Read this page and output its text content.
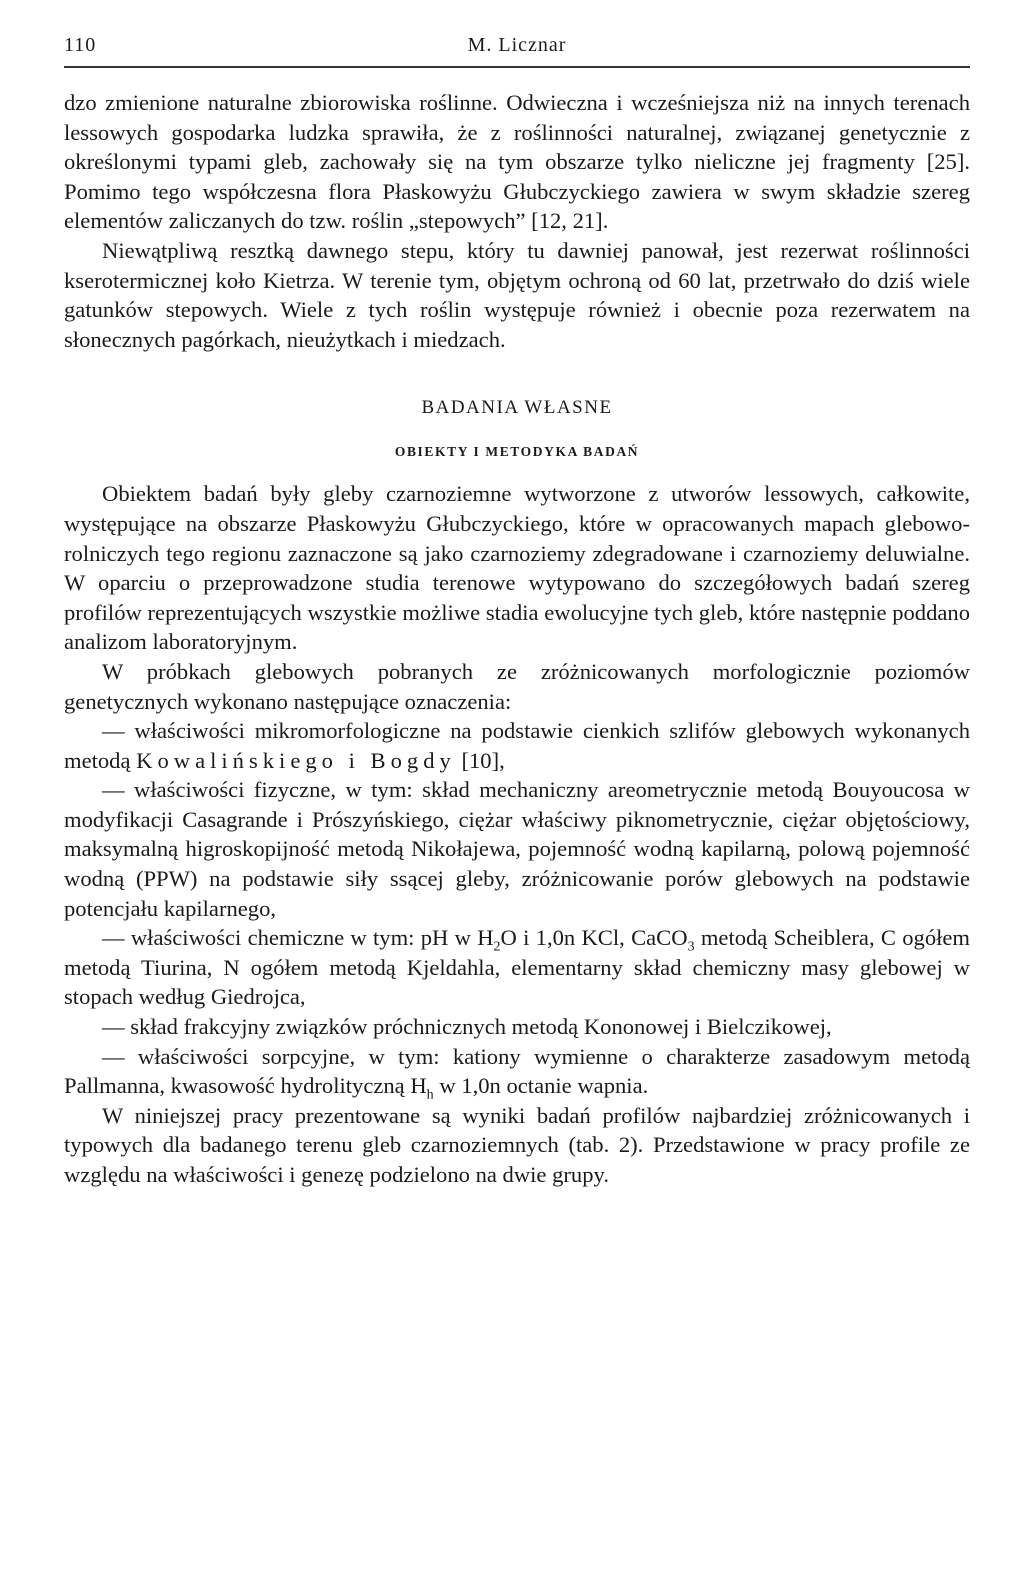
110	M. Licznar

dzo zmienione naturalne zbiorowiska roślinne. Odwieczna i wcześniejsza niż na innych terenach lessowych gospodarka ludzka sprawiła, że z roślinności naturalnej, związanej genetycznie z określonymi typami gleb, zachowały się na tym obszarze tylko nieliczne jej fragmenty [25]. Pomimo tego współczesna flora Płaskowyżu Głubczyckiego zawiera w swym składzie szereg elementów zaliczanych do tzw. roślin „stepowych” [12, 21].

Niewątpliwą resztką dawnego stepu, który tu dawniej panował, jest rezerwat roślinności kserotermicznej koło Kietrza. W terenie tym, objętym ochroną od 60 lat, przetrwało do dziś wiele gatunków stepowych. Wiele z tych roślin występuje również i obecnie poza rezerwatem na słonecznych pagórkach, nieużytkach i miedzach.

BADANIA WŁASNE
OBIEKTY I METODYKA BADAŃ

Obiektem badań były gleby czarnoziemne wytworzone z utworów lessowych, całkowite, występujące na obszarze Płaskowyżu Głubczyckiego, które w opracowanych mapach glebowo-rolniczych tego regionu zaznaczone są jako czarnoziemy zdegradowane i czarnoziemy deluwialne. W oparciu o przeprowadzone studia terenowe wytypowano do szczegółowych badań szereg profilów reprezentujących wszystkie możliwe stadia ewolucyjne tych gleb, które następnie poddano analizom laboratoryjnym.

W próbkach glebowych pobranych ze zróżnicowanych morfologicznie poziomów genetycznych wykonano następujące oznaczenia:

— właściwości mikromorfologiczne na podstawie cienkich szlifów glebowych wykonanych metodą Kowalińskiego i Bogdy [10],

— właściwości fizyczne, w tym: skład mechaniczny areometrycznie metodą Bouyoucosa w modyfikacji Casagrande i Prószyńskiego, ciężar właściwy piknometrycznie, ciężar objętościowy, maksymalną higroskopijność metodą Nikołajewa, pojemność wodną kapilarną, polową pojemność wodną (PPW) na podstawie siły ssącej gleby, zróżnicowanie porów glebowych na podstawie potencjału kapilarnego,

— właściwości chemiczne w tym: pH w $H_2O$ i 1,0n KCl, CaCO$_3$ metodą Scheiblera, C ogółem metodą Tiurina, N ogółem metodą Kjeldahla, elementarny skład chemiczny masy glebowej w stopach według Giedrojca,

— skład frakcyjny związków próchnicznych metodą Kononowej i Bielczikowej,

— właściwości sorpcyjne, w tym: kationy wymienne o charakterze zasadowym metodą Pallmanna, kwasowość hydrolityczną $H_h$ w 1,0n octanie wapnia.

W niniejszej pracy prezentowane są wyniki badań profilów najbardziej zróżnicowanych i typowych dla badanego terenu gleb czarnoziemnych (tab. 2). Przedstawione w pracy profile ze względu na właściwości i genezę podzielono na dwie grupy.
